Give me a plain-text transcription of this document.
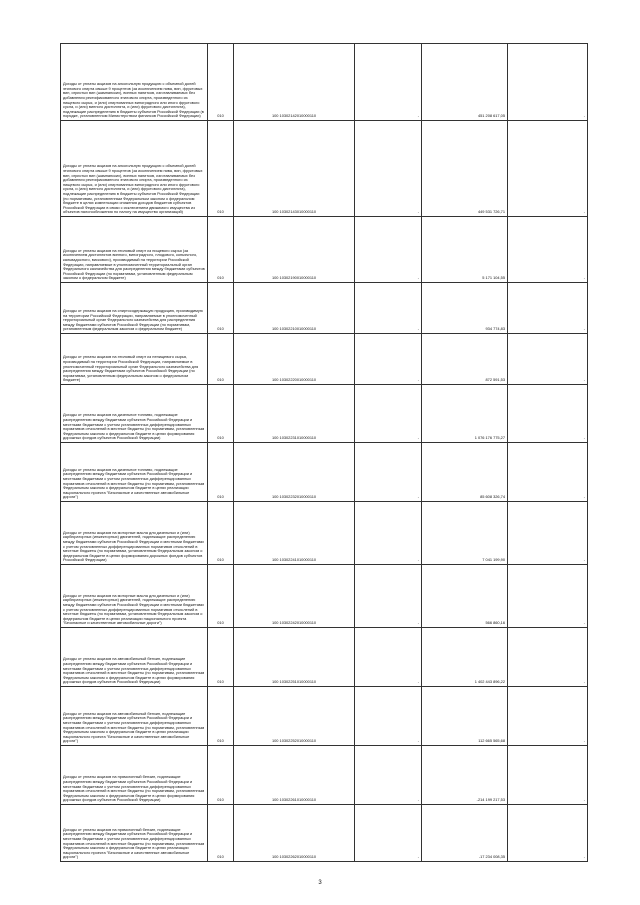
Доходы от уплаты акцизов на алкогольную продукцию с объемной долей этилового спирта свыше 9 процентов (за исключением пива, вин, фруктовых вин, игристых вин (шампанских), винных напитков, изготавливаемых без добавления ректификованного этилового спирта, произведенного из пищевого сырья, и (или) спиртованных виноградного или иного фруктового сусла, и (или) винного дистиллята, и (или) фруктового дистиллята), подлежащие распределению в бюджеты субъектов Российской Федерации (в порядке, установленном Министерством финансов Российской Федерации)	010	100 10302142010000110	-	451 208 617,05	-

Доходы от уплаты акцизов на алкогольную продукцию с объемной долей этилового спирта свыше 9 процентов (за исключением пива, вин, фруктовых вин, игристых вин (шампанских), винных напитков, изготавливаемых без добавления ректификованного этилового спирта, произведенного из пищевого сырья, и (или) спиртованных виноградного или иного фруктового сусла, и (или) винного дистиллята, и (или) фруктового дистиллята), подлежащие распределению в бюджеты субъектов Российской Федерации (по нормативам, установленным Федеральным законом о федеральном бюджете в целях компенсации снижения доходов бюджетов субъектов Российской Федерации в связи с исключением движимого имущества из объектов налогообложения по налогу на имущество организаций)	010	100 10302143010000110	-	449 531 726,71	-

Доходы от уплаты акцизов на этиловый спирт из пищевого сырья (за исключением дистиллятов винного, виноградного, плодового, коньячного, кальвадосного, вискового), производимый на территории Российской Федерации, направляемые в уполномоченный территориальный орган Федерального казначейства для распределения между бюджетами субъектов Российской Федерации (по нормативам, установленным федеральным законом о федеральном бюджете)	010	100 10302190010000110	-	5 171 104,55	-

Доходы от уплаты акцизов на спиртосодержащую продукцию, производимую на территории Российской Федерации, направляемые в уполномоченный территориальный орган Федерального казначейства для распределения между бюджетами субъектов Российской Федерации (по нормативам, установленным федеральным законом о федеральном бюджете)	010	100 10302210010000110	-	934 774,83	-

Доходы от уплаты акцизов на этиловый спирт из непищевого сырья, производимый на территории Российской Федерации, направляемые в уполномоченный территориальный орган Федерального казначейства для распределения между бюджетами субъектов Российской Федерации (по нормативам, установленным федеральным законом о федеральном бюджете)	010	100 10302220010000110	-	872 591,53	-

Доходы от уплаты акцизов на дизельное топливо, подлежащие распределению между бюджетами субъектов Российской Федерации и местными бюджетами с учетом установленных дифференцированных нормативов отчислений в местные бюджеты (по нормативам, установленным Федеральным законом о федеральном бюджете в целях формирования дорожных фондов субъектов Российской Федерации)	010	100 10302231010000110	-	1 076 176 775,27	-

Доходы от уплаты акцизов на дизельное топливо, подлежащие распределению между бюджетами субъектов Российской Федерации и местными бюджетами с учетом установленных дифференцированных нормативов отчислений в местные бюджеты (по нормативам, установленным Федеральным законом о федеральном бюджете в целях реализации национального проекта "Безопасные и качественные автомобильные дороги")	010	100 10302232010000110	-	85 608 326,74	-

Доходы от уплаты акцизов на моторные масла для дизельных и (или) карбюраторных (инжекторных) двигателей, подлежащие распределению между бюджетами субъектов Российской Федерации и местными бюджетами с учетом установленных дифференцированных нормативов отчислений в местные бюджеты (по нормативам, установленным Федеральным законом о федеральном бюджете в целях формирования дорожных фондов субъектов Российской Федерации)	010	100 10302241010000110	-	7 041 199,90	-

Доходы от уплаты акцизов на моторные масла для дизельных и (или) карбюраторных (инжекторных) двигателей, подлежащие распределению между бюджетами субъектов Российской Федерации и местными бюджетами с учетом установленных дифференцированных нормативов отчислений в местные бюджеты (по нормативам, установленным Федеральным законом о федеральном бюджете в целях реализации национального проекта "Безопасные и качественные автомобильные дороги")	010	100 10302242010000110	-	566 860,16	-

Доходы от уплаты акцизов на автомобильный бензин, подлежащие распределению между бюджетами субъектов Российской Федерации и местными бюджетами с учетом установленных дифференцированных нормативов отчислений в местные бюджеты (по нормативам, установленным Федеральным законом о федеральном бюджете в целях формирования дорожных фондов субъектов Российской Федерации)	010	100 10302251010000110	-	1 402 443 896,22	-

Доходы от уплаты акцизов на автомобильный бензин, подлежащие распределению между бюджетами субъектов Российской Федерации и местными бюджетами с учетом установленных дифференцированных нормативов отчислений в местные бюджеты (по нормативам, установленным Федеральным законом о федеральном бюджете в целях реализации национального проекта "Безопасные и качественные автомобильные дороги")	010	100 10302252010000110	-	112 665 565,68	-

Доходы от уплаты акцизов на прямогонный бензин, подлежащие распределению между бюджетами субъектов Российской Федерации и местными бюджетами с учетом установленных дифференцированных нормативов отчислений в местные бюджеты (по нормативам, установленным Федеральным законом о федеральном бюджете в целях формирования дорожных фондов субъектов Российской Федерации)	010	100 10302261010000110	-	-214 199 217,53	-

Доходы от уплаты акцизов на прямогонный бензин, подлежащие распределению между бюджетами субъектов Российской Федерации и местными бюджетами с учетом установленных дифференцированных нормативов отчислений в местные бюджеты (по нормативам, установленным Федеральным законом о федеральном бюджете в целях реализации национального проекта "Безопасные и качественные автомобильные дороги")	010	100 10302262010000110	-	-17 234 008,35	-
3
